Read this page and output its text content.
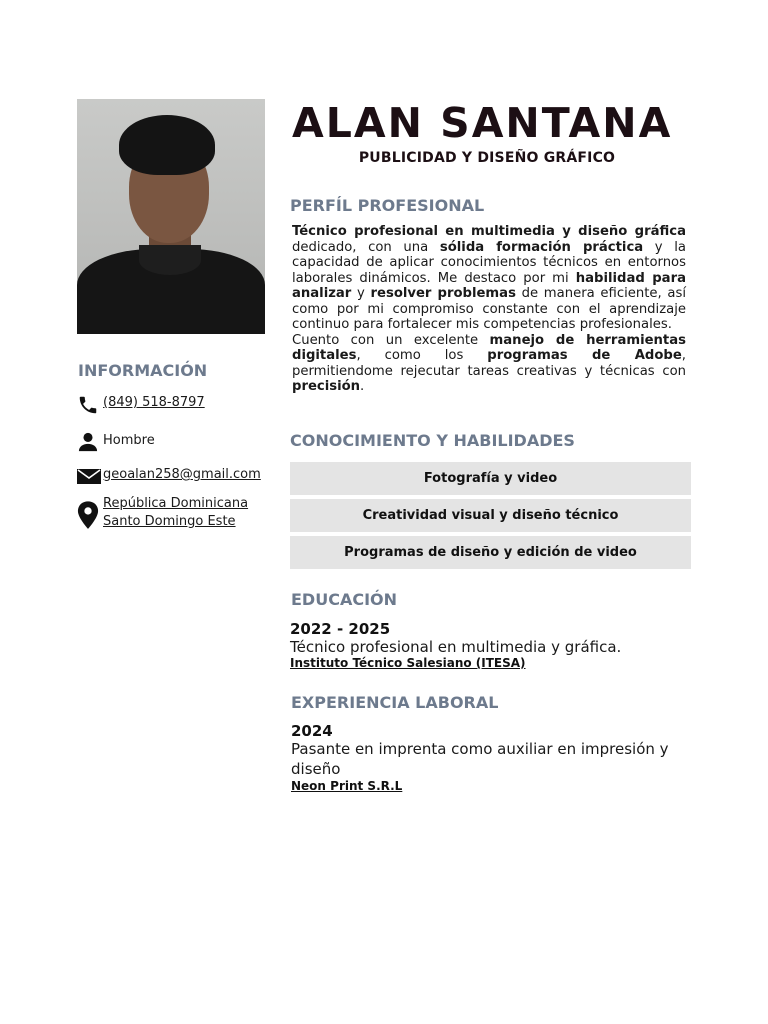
ALAN SANTANA
PUBLICIDAD Y DISEÑO GRÁFICO
PERFÍL PROFESIONAL

Técnico profesional en multimedia y diseño gráfica dedicado, con una sólida formación práctica y la capacidad de aplicar conocimientos técnicos en entornos laborales dinámicos. Me destaco por mi habilidad para analizar y resolver problemas de manera eficiente, así como por mi compromiso constante con el aprendizaje continuo para fortalecer mis competencias profesionales.

Cuento con un excelente manejo de herramientas digitales, como los programas de Adobe, permitiendome rejecutar tareas creativas y técnicas con precisión.

INFORMACIÓN
(849) 518-8797
Hombre
geoalan258@gmail.com
República Dominicana
Santo Domingo Este
CONOCIMIENTO Y HABILIDADES
Fotografía y video
Creatividad visual y diseño técnico
Programas de diseño y edición de video
EDUCACIÓN
2022 - 2025
Técnico profesional en multimedia y gráfica.
Instituto Técnico Salesiano (ITESA)
EXPERIENCIA LABORAL
2024
Pasante en imprenta como auxiliar en impresión y diseño
Neon Print S.R.L
